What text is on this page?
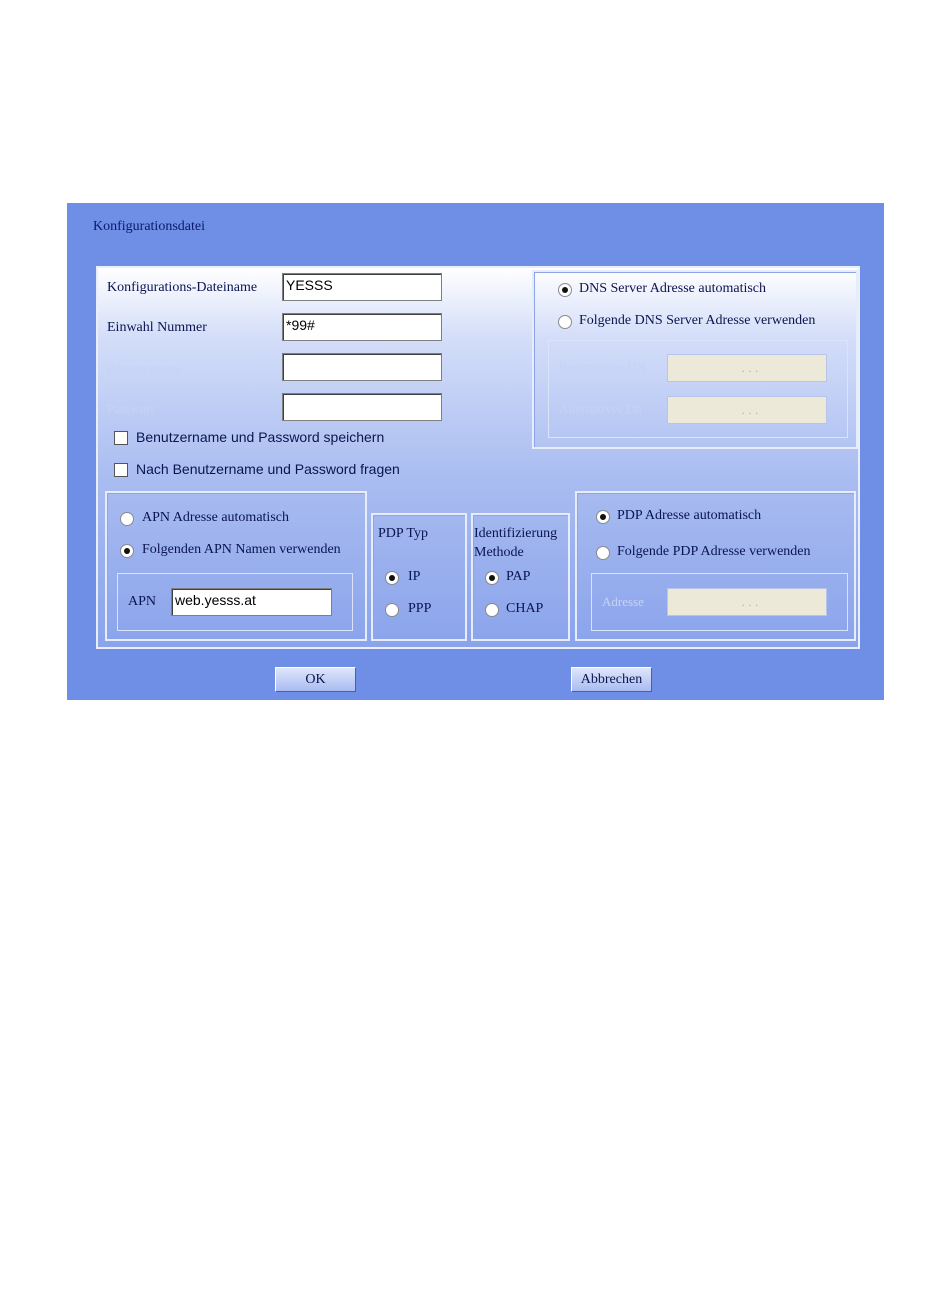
Konfigurationsdatei
Konfigurations-Dateiname YESSS
Einwahl Nummer	*99#
Benutzername
Passwort
Benutzername und Password speichern
Nach Benutzername und Password fragen
DNS Server Adresse automatisch
Folgende DNS Server Adresse verwenden
Bevorzugtes DN	. . .
Alternatives Dh	. . .
APN Adresse automatisch
Folgenden APN Namen verwenden
APN web.yesss.at
PDP Typ
IP
PPP
Identifizierung
Methode
PAP
CHAP
PDP Adresse automatisch
Folgende PDP Adresse verwenden
Adresse	. . .
OK	Abbrechen
